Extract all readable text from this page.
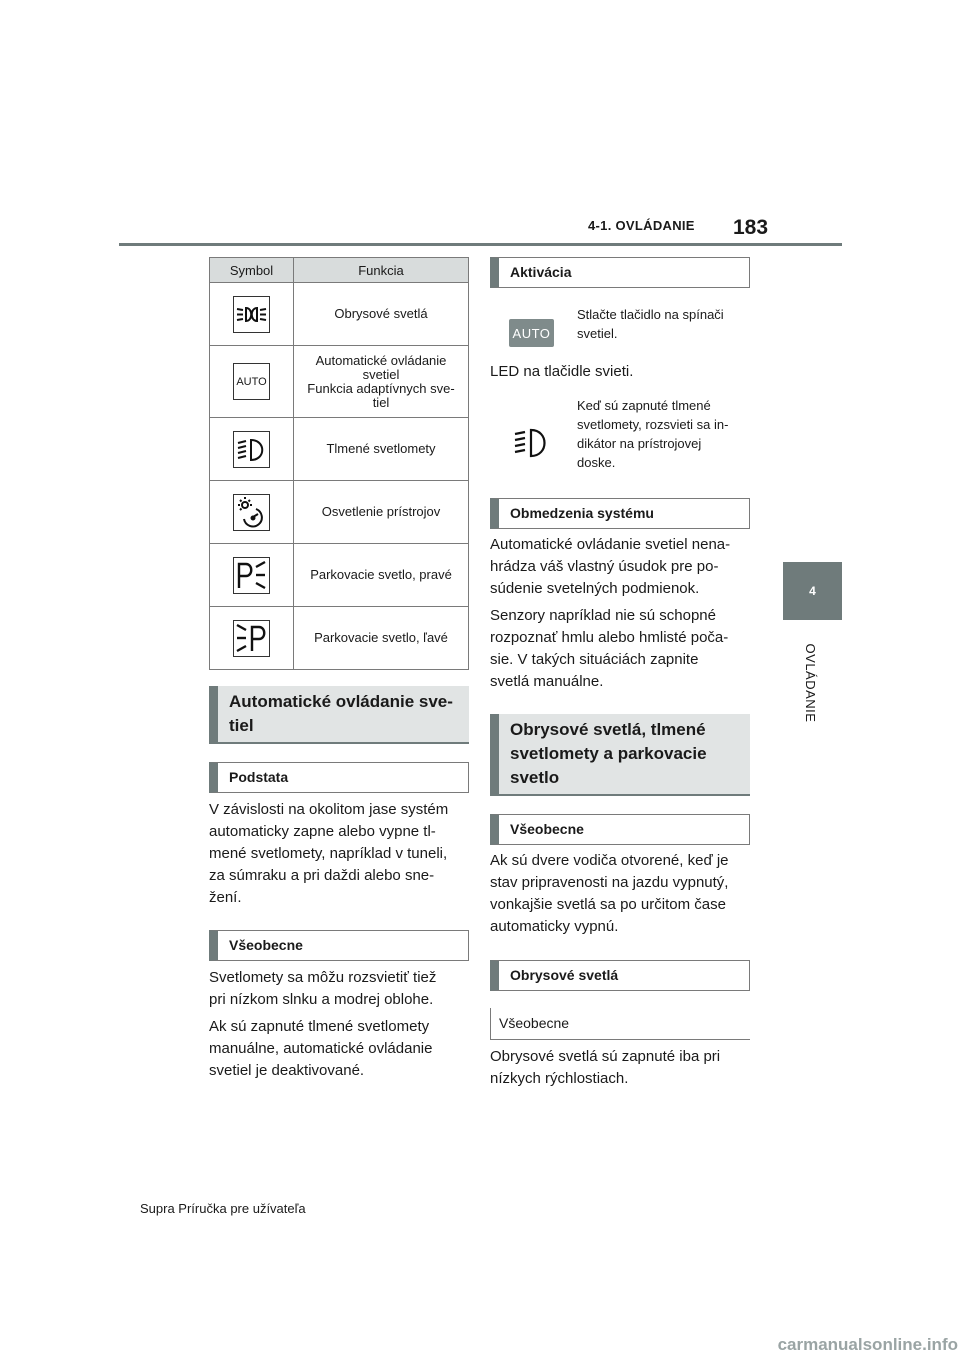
4-1. OVLÁDANIE 183
4
OVLÁDANIE
Symbol	Funkcia

Obrysové svetlá

AUTO	Automatické ovládanie
svetiel
Funkcia adaptívnych sve-
tiel

Tlmené svetlomety

Osvetlenie prístrojov

Parkovacie svetlo, pravé

Parkovacie svetlo, ľavé
Automatické ovládanie sve-
tiel
Podstata
V závislosti na okolitom jase systém
automaticky zapne alebo vypne tl-
mené svetlomety, napríklad v tuneli,
za súmraku a pri daždi alebo sne-
žení.
Všeobecne
Svetlomety sa môžu rozsvietiť tiež
pri nízkom slnku a modrej oblohe.
Ak sú zapnuté tlmené svetlomety
manuálne, automatické ovládanie
svetiel je deaktivované.
Aktivácia
AUTO
Stlačte tlačidlo na spínači
svetiel.
LED na tlačidle svieti.
Keď sú zapnuté tlmené
svetlomety, rozsvieti sa in-
dikátor na prístrojovej
doske.
Obmedzenia systému
Automatické ovládanie svetiel nena-
hrádza váš vlastný úsudok pre po-
súdenie svetelných podmienok.
Senzory napríklad nie sú schopné
rozpoznať hmlu alebo hmlisté poča-
sie. V takých situáciách zapnite
svetlá manuálne.
Obrysové svetlá, tlmené
svetlomety a parkovacie
svetlo
Všeobecne
Ak sú dvere vodiča otvorené, keď je
stav pripravenosti na jazdu vypnutý,
vonkajšie svetlá sa po určitom čase
automaticky vypnú.
Obrysové svetlá
Všeobecne
Obrysové svetlá sú zapnuté iba pri
nízkych rýchlostiach.
Supra Príručka pre užívateľa
carmanualsonline.info
